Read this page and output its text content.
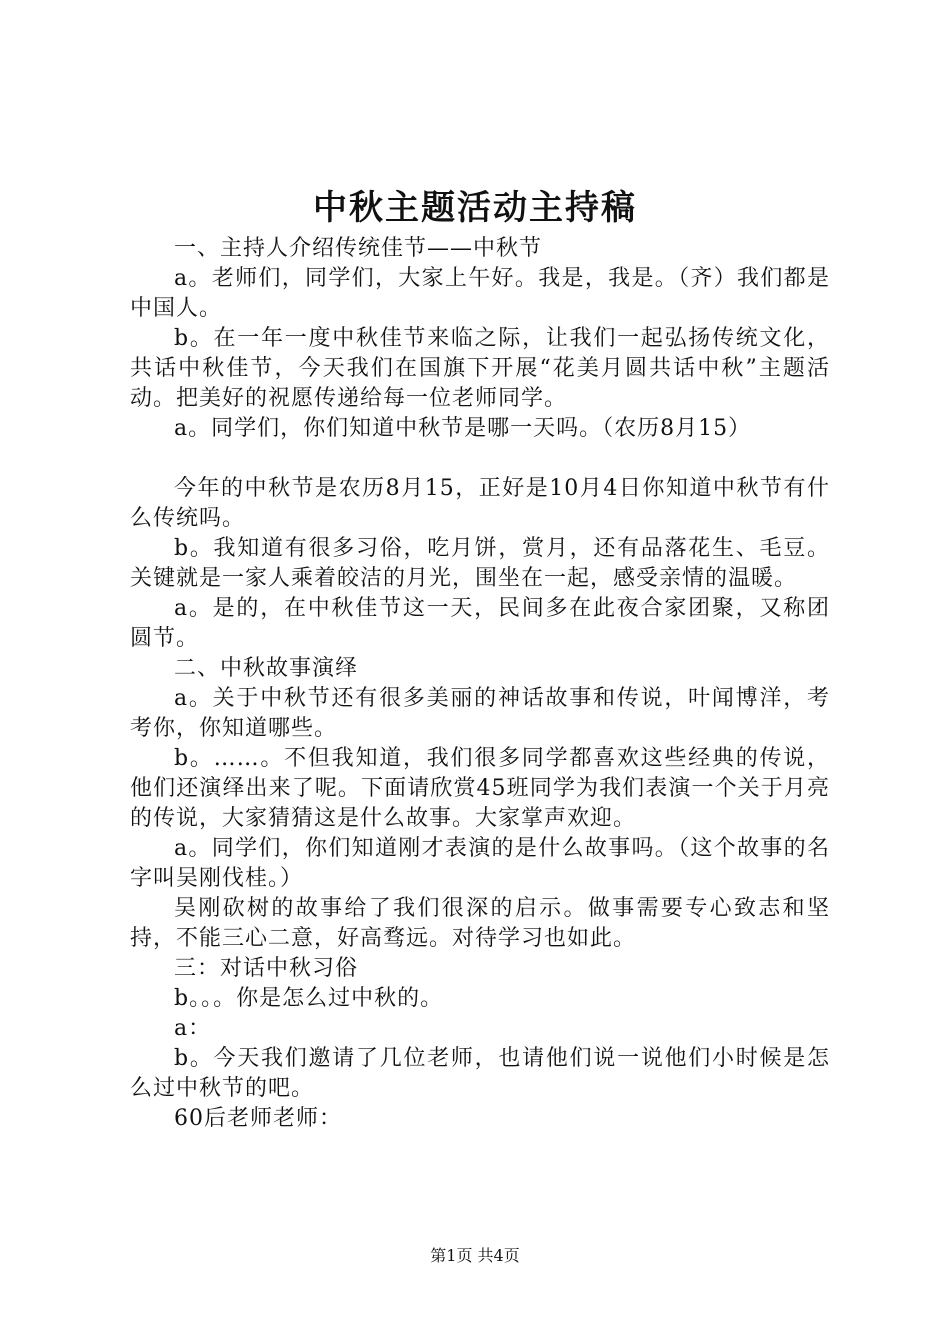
中秋主题活动主持稿

一、主持人介绍传统佳节——中秋节

a。老师们，同学们，大家上午好。我是，我是。（齐）我们都是中国人。

b。在一年一度中秋佳节来临之际，让我们一起弘扬传统文化，共话中秋佳节，今天我们在国旗下开展“花美月圆共话中秋”主题活动。把美好的祝愿传递给每一位老师同学。

a。同学们，你们知道中秋节是哪一天吗。（农历8月15）

今年的中秋节是农历8月15，正好是10月4日你知道中秋节有什么传统吗。

b。我知道有很多习俗，吃月饼，赏月，还有品落花生、毛豆。关键就是一家人乘着皎洁的月光，围坐在一起，感受亲情的温暖。

a。是的，在中秋佳节这一天，民间多在此夜合家团聚，又称团圆节。

二、中秋故事演绎

a。关于中秋节还有很多美丽的神话故事和传说，叶闻博洋，考考你，你知道哪些。

b。……。不但我知道，我们很多同学都喜欢这些经典的传说，他们还演绎出来了呢。下面请欣赏45班同学为我们表演一个关于月亮的传说，大家猜猜这是什么故事。大家掌声欢迎。

a。同学们，你们知道刚才表演的是什么故事吗。（这个故事的名字叫吴刚伐桂。）

吴刚砍树的故事给了我们很深的启示。做事需要专心致志和坚持，不能三心二意，好高骛远。对待学习也如此。

三：对话中秋习俗

b。。。你是怎么过中秋的。

a：

b。今天我们邀请了几位老师，也请他们说一说他们小时候是怎么过中秋节的吧。

60后老师老师：

第1页 共4页
